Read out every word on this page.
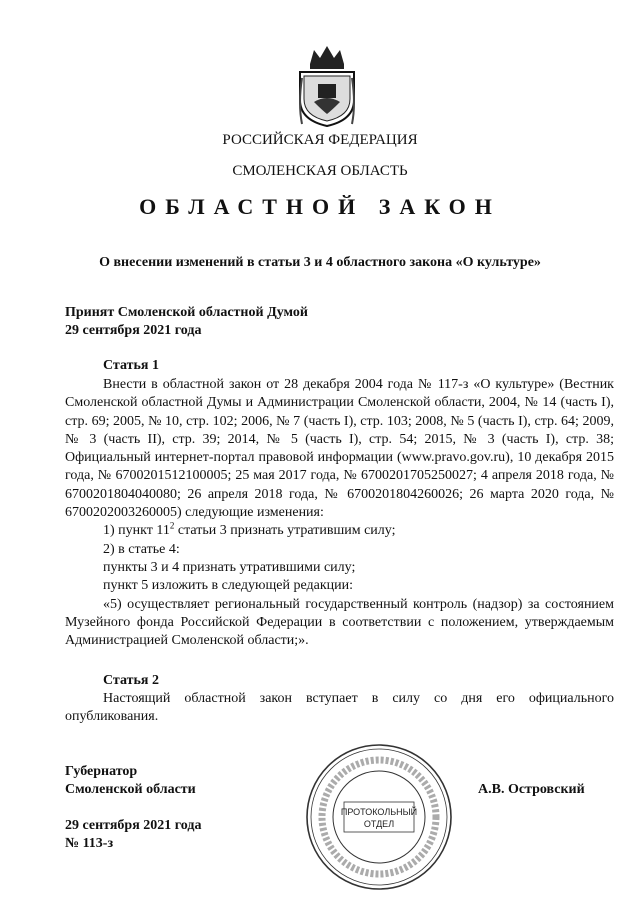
РОССИЙСКАЯ ФЕДЕРАЦИЯ
СМОЛЕНСКАЯ ОБЛАСТЬ
ОБЛАСТНОЙ ЗАКОН
О внесении изменений в статьи 3 и 4 областного закона «О культуре»
Принят Смоленской областной Думой
29 сентября 2021 года
Статья 1

Внести в областной закон от 28 декабря 2004 года № 117-з «О культуре» (Вестник Смоленской областной Думы и Администрации Смоленской области, 2004, № 14 (часть I), стр. 69; 2005, № 10, стр. 102; 2006, № 7 (часть I), стр. 103; 2008, № 5 (часть I), стр. 64; 2009, № 3 (часть II), стр. 39; 2014, № 5 (часть I), стр. 54; 2015, № 3 (часть I), стр. 38; Официальный интернет-портал правовой информации (www.pravo.gov.ru), 10 декабря 2015 года, № 6700201512100005; 25 мая 2017 года, № 6700201705250027; 4 апреля 2018 года, № 6700201804040080; 26 апреля 2018 года, № 6700201804260026; 26 марта 2020 года, № 6700202003260005) следующие изменения:

1) пункт $11^2$ статьи 3 признать утратившим силу;

2) в статье 4:

пункты 3 и 4 признать утратившими силу;

пункт 5 изложить в следующей редакции:

«5) осуществляет региональный государственный контроль (надзор) за состоянием Музейного фонда Российской Федерации в соответствии с положением, утверждаемым Администрацией Смоленской области;».

Статья 2

Настоящий областной закон вступает в силу со дня его официального опубликования.

Губернатор
Смоленской области	А.В. Островский
29 сентября 2021 года
№ 113-з
ПРОТОКОЛЬНЫЙ
ОТДЕЛ
